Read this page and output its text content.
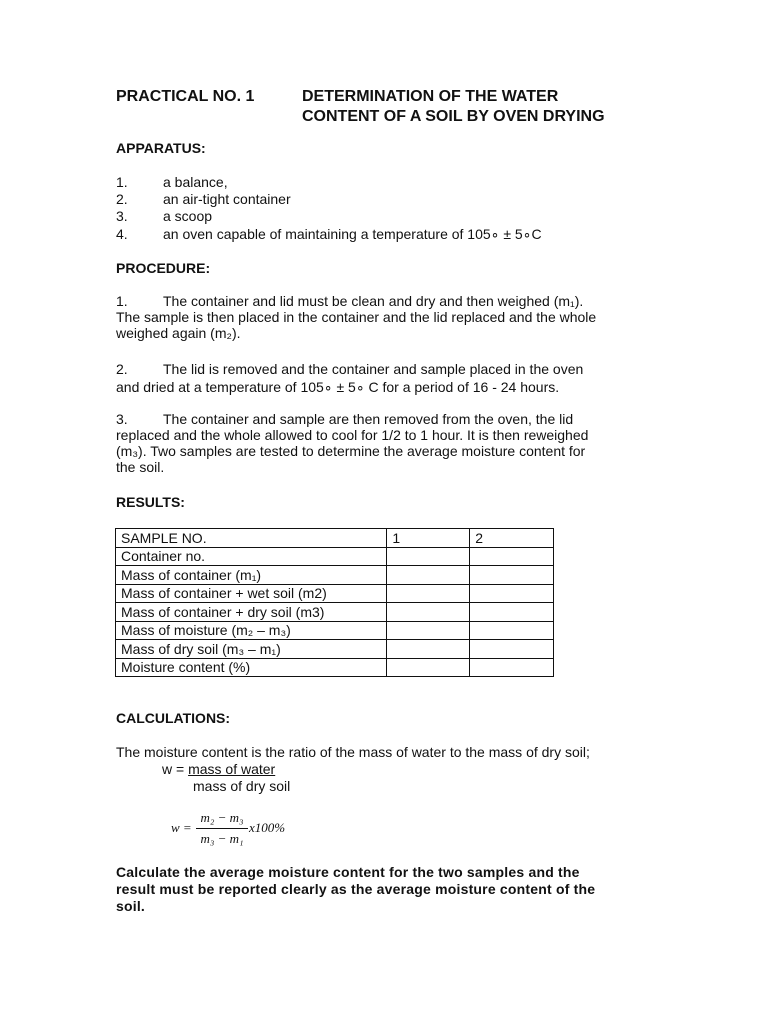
PRACTICAL NO. 1	DETERMINATION OF THE WATER
CONTENT OF A SOIL BY OVEN DRYING
APPARATUS:
1.	a balance,
2.	an air-tight container
3.	a scoop
4.	an oven capable of maintaining a temperature of 105∘ ± 5∘C
PROCEDURE:
1.	The container and lid must be clean and dry and then weighed (m₁).
The sample is then placed in the container and the lid replaced and the whole
weighed again (m₂).
2.	The lid is removed and the container and sample placed in the oven
and dried at a temperature of 105∘ ± 5∘ C for a period of 16 - 24 hours.
3.	The container and sample are then removed from the oven, the lid
replaced and the whole allowed to cool for 1/2 to 1 hour. It is then reweighed
(m₃). Two samples are tested to determine the average moisture content for
the soil.
RESULTS:
SAMPLE NO.	1	2
Container no.		
Mass of container (m₁)		
Mass of container + wet soil (m2)		
Mass of container + dry soil (m3)		
Mass of moisture (m₂ – m₃)		
Mass of dry soil (m₃ – m₁)		
Moisture content (%)		
CALCULATIONS:
The moisture content is the ratio of the mass of water to the mass of dry soil;
w = mass of water
mass of dry soil
w =
m₂ − m₃
m₃ − m₁
x100%
Calculate the average moisture content for the two samples and the
result must be reported clearly as the average moisture content of the
soil.
